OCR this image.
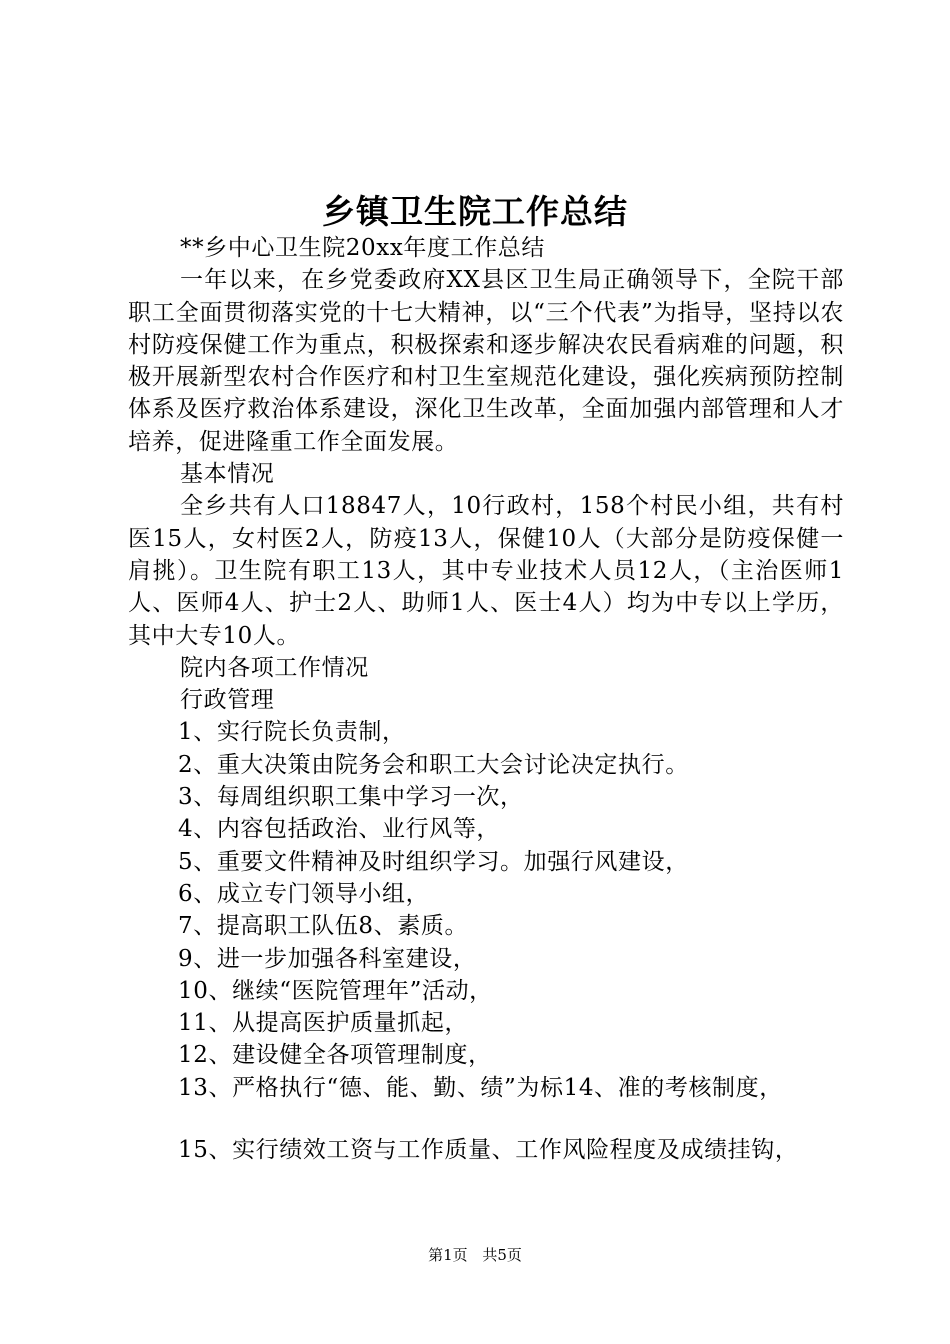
乡镇卫生院工作总结

**乡中心卫生院20xx年度工作总结

一年以来，在乡党委政府XX县区卫生局正确领导下，全院干部职工全面贯彻落实党的十七大精神，以“三个代表”为指导，坚持以农村防疫保健工作为重点，积极探索和逐步解决农民看病难的问题，积极开展新型农村合作医疗和村卫生室规范化建设，强化疾病预防控制体系及医疗救治体系建设，深化卫生改革，全面加强内部管理和人才培养，促进隆重工作全面发展。

基本情况

全乡共有人口18847人，10行政村，158个村民小组，共有村医15人，女村医2人，防疫13人，保健10人（大部分是防疫保健一肩挑）。卫生院有职工13人，其中专业技术人员12人，（主治医师1人、医师4人、护士2人、助师1人、医士4人）均为中专以上学历，其中大专10人。

院内各项工作情况

行政管理

1、实行院长负责制，

2、重大决策由院务会和职工大会讨论决定执行。

3、每周组织职工集中学习一次，

4、内容包括政治、业行风等，

5、重要文件精神及时组织学习。加强行风建设，

6、成立专门领导小组，

7、提高职工队伍8、素质。

9、进一步加强各科室建设，

10、继续“医院管理年”活动，

11、从提高医护质量抓起，

12、建设健全各项管理制度，

13、严格执行“德、能、勤、绩”为标14、准的考核制度，

15、实行绩效工资与工作质量、工作风险程度及成绩挂钩，

第1页 共5页
